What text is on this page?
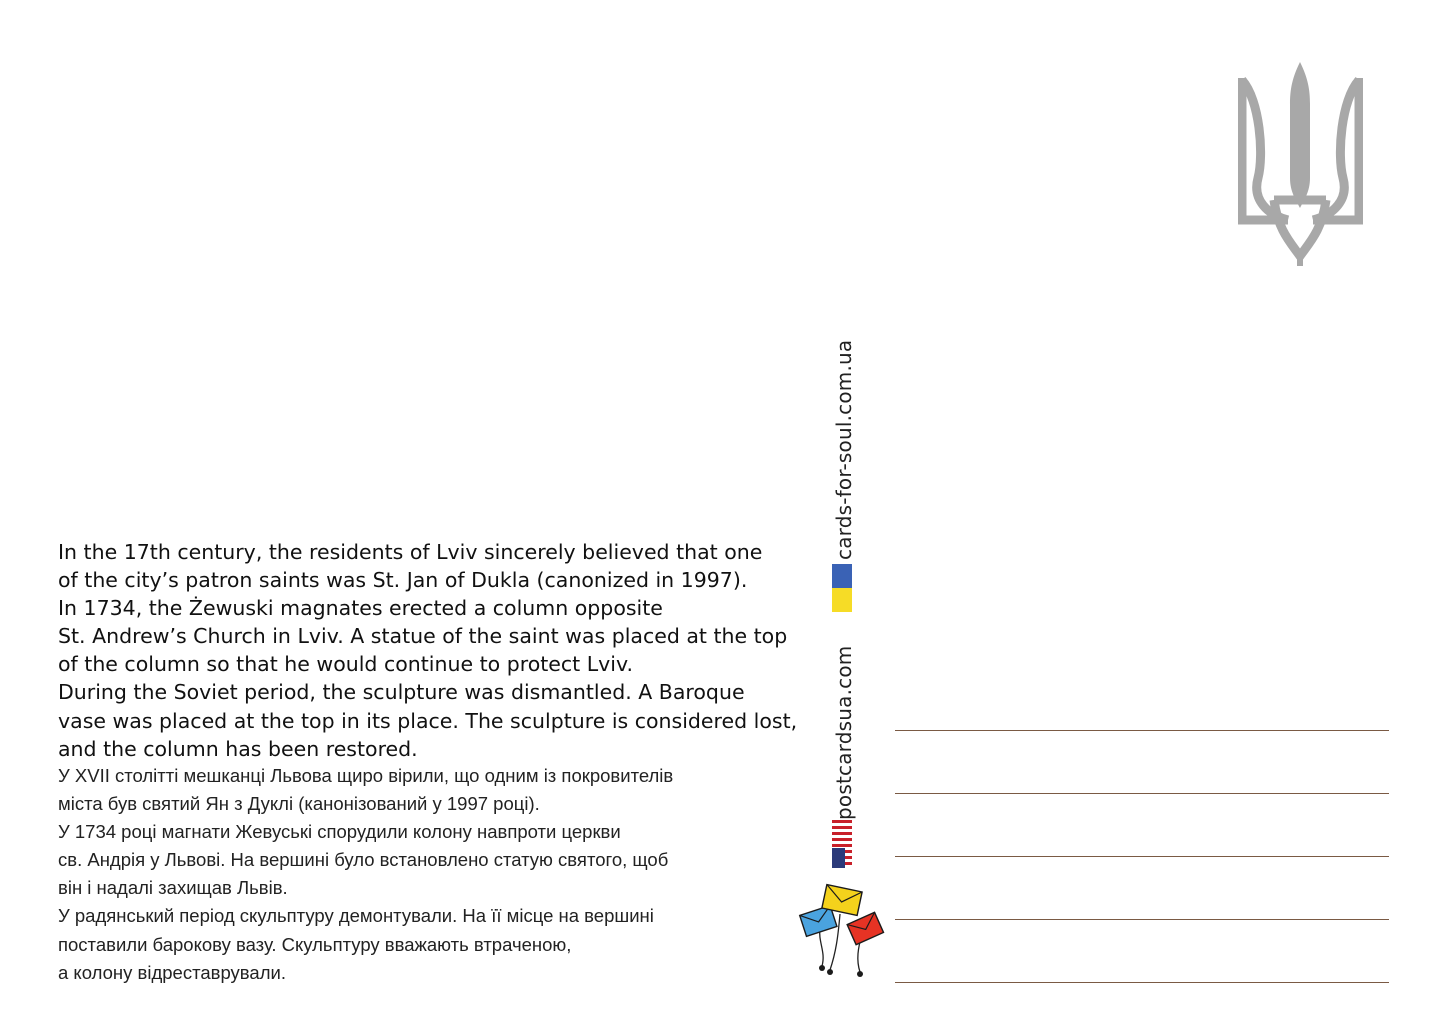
cards-for-soul.com.ua
postcardsua.com
In the 17th century, the residents of Lviv sincerely believed that one
of the city’s patron saints was St. Jan of Dukla (canonized in 1997).
In 1734, the Żewuski magnates erected a column opposite
St. Andrew’s Church in Lviv. A statue of the saint was placed at the top
of the column so that he would continue to protect Lviv.
During the Soviet period, the sculpture was dismantled. A Baroque
vase was placed at the top in its place. The sculpture is considered lost,
and the column has been restored.
У XVII столітті мешканці Львова щиро вірили, що одним із покровителів
міста був святий Ян з Дуклі (канонізований у 1997 році).
У 1734 році магнати Жевуські спорудили колону навпроти церкви
св. Андрія у Львові. На вершині було встановлено статую святого, щоб
він і надалі захищав Львів.
У радянський період скульптуру демонтували. На її місце на вершині
поставили барокову вазу. Скульптуру вважають втраченою,
а колону відреставрували.
